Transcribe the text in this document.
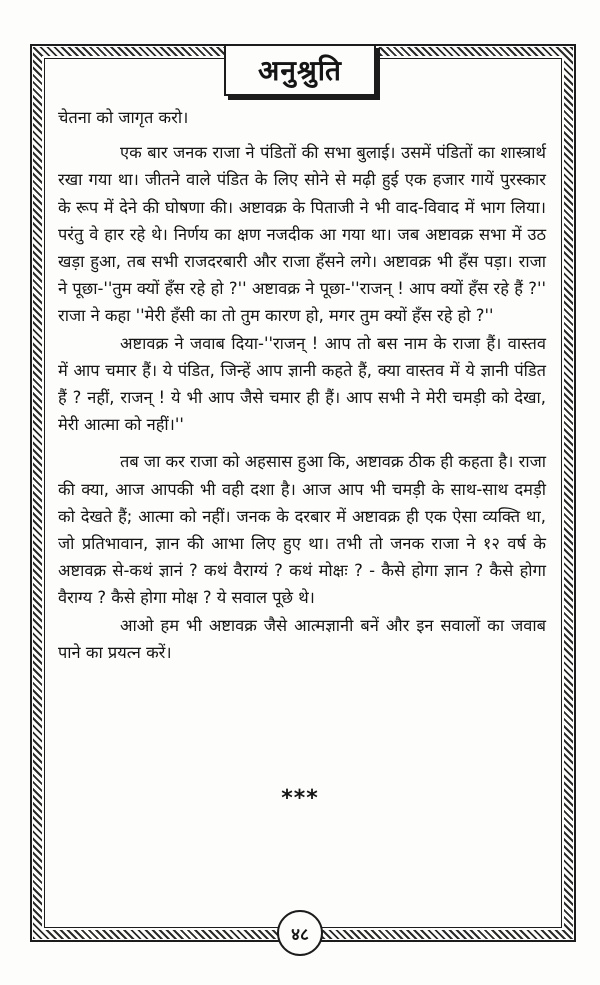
अनुश्रुति

चेतना को जागृत करो।

एक बार जनक राजा ने पंडितों की सभा बुलाई। उसमें पंडितों का शास्त्रार्थ रखा गया था। जीतने वाले पंडित के लिए सोने से मढ़ी हुई एक हजार गायें पुरस्कार के रूप में देने की घोषणा की। अष्टावक्र के पिताजी ने भी वाद-विवाद में भाग लिया। परंतु वे हार रहे थे। निर्णय का क्षण नजदीक आ गया था। जब अष्टावक्र सभा में उठ खड़ा हुआ, तब सभी राजदरबारी और राजा हँसने लगे। अष्टावक्र भी हँस पड़ा। राजा ने पूछा-''तुम क्यों हँस रहे हो ?'' अष्टावक्र ने पूछा-''राजन् ! आप क्यों हँस रहे हैं ?'' राजा ने कहा ''मेरी हँसी का तो तुम कारण हो, मगर तुम क्यों हँस रहे हो ?''

अष्टावक्र ने जवाब दिया-''राजन् ! आप तो बस नाम के राजा हैं। वास्तव में आप चमार हैं। ये पंडित, जिन्हें आप ज्ञानी कहते हैं, क्या वास्तव में ये ज्ञानी पंडित हैं ? नहीं, राजन् ! ये भी आप जैसे चमार ही हैं। आप सभी ने मेरी चमड़ी को देखा, मेरी आत्मा को नहीं।''

तब जा कर राजा को अहसास हुआ कि, अष्टावक्र ठीक ही कहता है। राजा की क्या, आज आपकी भी वही दशा है। आज आप भी चमड़ी के साथ-साथ दमड़ी को देखते हैं; आत्मा को नहीं। जनक के दरबार में अष्टावक्र ही एक ऐसा व्यक्ति था, जो प्रतिभावान, ज्ञान की आभा लिए हुए था। तभी तो जनक राजा ने १२ वर्ष के अष्टावक्र से-कथं ज्ञानं ? कथं वैराग्यं ? कथं मोक्षः ? - कैसे होगा ज्ञान ? कैसे होगा वैराग्य ? कैसे होगा मोक्ष ? ये सवाल पूछे थे।

आओ हम भी अष्टावक्र जैसे आत्मज्ञानी बनें और इन सवालों का जवाब पाने का प्रयत्न करें।

***
४८
